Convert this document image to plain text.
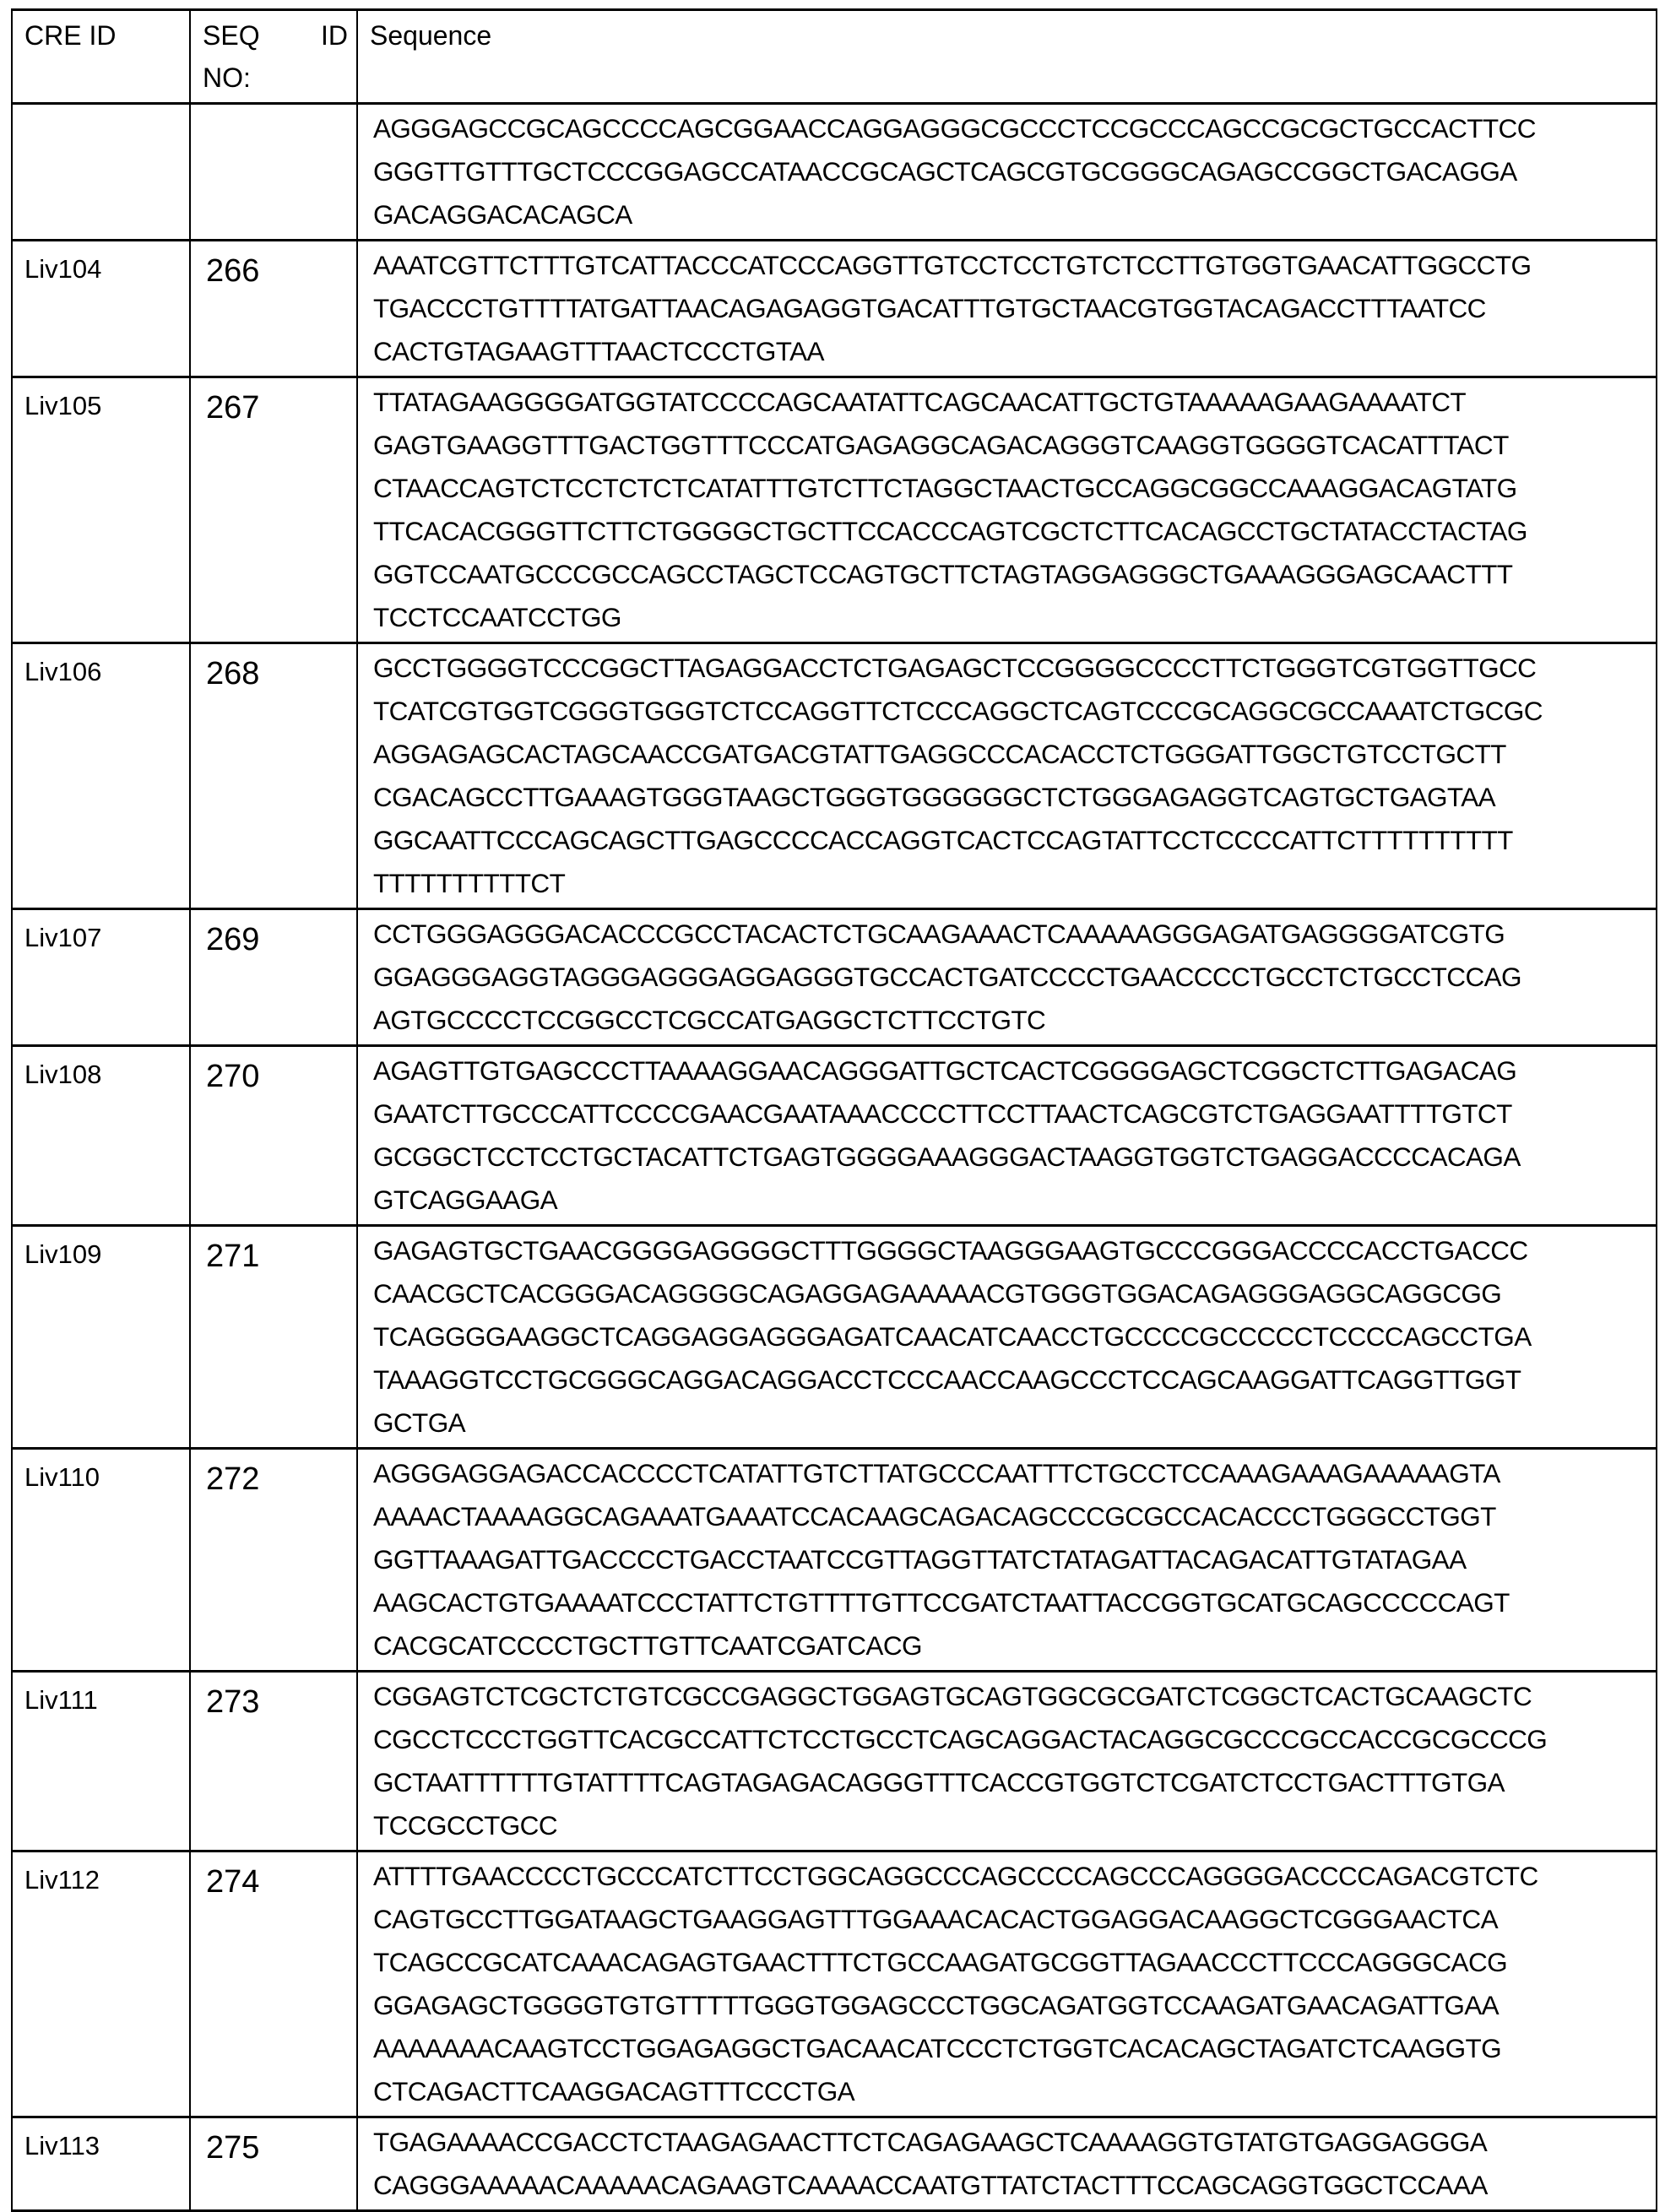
CRE ID	SEQ ID
NO:
	Sequence

AGGGAGCCGCAGCCCCAGCGGAACCAGGAGGGCGCCCTCCGCCCAGCCGCGCTGCCACTTCC
GGGTTGTTTGCTCCCGGAGCCATAACCGCAGCTCAGCGTGCGGGCAGAGCCGGCTGACAGGA
GACAGGACACAGCA

Liv104	266	AAATCGTTCTTTGTCATTACCCATCCCAGGTTGTCCTCCTGTCTCCTTGTGGTGAACATTGGCCTG
TGACCCTGTTTTATGATTAACAGAGAGGTGACATTTGTGCTAACGTGGTACAGACCTTTAATCC
CACTGTAGAAGTTTAACTCCCTGTAA

Liv105	267	TTATAGAAGGGGATGGTATCCCCAGCAATATTCAGCAACATTGCTGTAAAAAGAAGAAAATCT
GAGTGAAGGTTTGACTGGTTTCCCATGAGAGGCAGACAGGGTCAAGGTGGGGTCACATTTACT
CTAACCAGTCTCCTCTCTCATATTTGTCTTCTAGGCTAACTGCCAGGCGGCCAAAGGACAGTATG
TTCACACGGGTTCTTCTGGGGCTGCTTCCACCCAGTCGCTCTTCACAGCCTGCTATACCTACTAG
GGTCCAATGCCCGCCAGCCTAGCTCCAGTGCTTCTAGTAGGAGGGCTGAAAGGGAGCAACTTT
TCCTCCAATCCTGG

Liv106	268	GCCTGGGGTCCCGGCTTAGAGGACCTCTGAGAGCTCCGGGGCCCCTTCTGGGTCGTGGTTGCC
TCATCGTGGTCGGGTGGGTCTCCAGGTTCTCCCAGGCTCAGTCCCGCAGGCGCCAAATCTGCGC
AGGAGAGCACTAGCAACCGATGACGTATTGAGGCCCACACCTCTGGGATTGGCTGTCCTGCTT
CGACAGCCTTGAAAGTGGGTAAGCTGGGTGGGGGGCTCTGGGAGAGGTCAGTGCTGAGTAA
GGCAATTCCCAGCAGCTTGAGCCCCACCAGGTCACTCCAGTATTCCTCCCCATTCTTTTTTTTTT
TTTTTTTTTTCT

Liv107	269	CCTGGGAGGGACACCCGCCTACACTCTGCAAGAAACTCAAAAAGGGAGATGAGGGGATCGTG
GGAGGGAGGTAGGGAGGGAGGAGGGTGCCACTGATCCCCTGAACCCCTGCCTCTGCCTCCAG
AGTGCCCCTCCGGCCTCGCCATGAGGCTCTTCCTGTC

Liv108	270	AGAGTTGTGAGCCCTTAAAAGGAACAGGGATTGCTCACTCGGGGAGCTCGGCTCTTGAGACAG
GAATCTTGCCCATTCCCCGAACGAATAAACCCCTTCCTTAACTCAGCGTCTGAGGAATTTTGTCT
GCGGCTCCTCCTGCTACATTCTGAGTGGGGAAAGGGACTAAGGTGGTCTGAGGACCCCACAGA
GTCAGGAAGA

Liv109	271	GAGAGTGCTGAACGGGGAGGGGCTTTGGGGCTAAGGGAAGTGCCCGGGACCCCACCTGACCC
CAACGCTCACGGGACAGGGGCAGAGGAGAAAAACGTGGGTGGACAGAGGGAGGCAGGCGG
TCAGGGGAAGGCTCAGGAGGAGGGAGATCAACATCAACCTGCCCCGCCCCCTCCCCAGCCTGA
TAAAGGTCCTGCGGGCAGGACAGGACCTCCCAACCAAGCCCTCCAGCAAGGATTCAGGTTGGT
GCTGA

Liv110	272	AGGGAGGAGACCACCCCTCATATTGTCTTATGCCCAATTTCTGCCTCCAAAGAAAGAAAAAGTA
AAAACTAAAAGGCAGAAATGAAATCCACAAGCAGACAGCCCGCGCCACACCCTGGGCCTGGT
GGTTAAAGATTGACCCCTGACCTAATCCGTTAGGTTATCTATAGATTACAGACATTGTATAGAA
AAGCACTGTGAAAATCCCTATTCTGTTTTGTTCCGATCTAATTACCGGTGCATGCAGCCCCCAGT
CACGCATCCCCTGCTTGTTCAATCGATCACG

Liv111	273	CGGAGTCTCGCTCTGTCGCCGAGGCTGGAGTGCAGTGGCGCGATCTCGGCTCACTGCAAGCTC
CGCCTCCCTGGTTCACGCCATTCTCCTGCCTCAGCAGGACTACAGGCGCCCGCCACCGCGCCCG
GCTAATTTTTTGTATTTTCAGTAGAGACAGGGTTTCACCGTGGTCTCGATCTCCTGACTTTGTGA
TCCGCCTGCC

Liv112	274	ATTTTGAACCCCTGCCCATCTTCCTGGCAGGCCCAGCCCCAGCCCAGGGGACCCCAGACGTCTC
CAGTGCCTTGGATAAGCTGAAGGAGTTTGGAAACACACTGGAGGACAAGGCTCGGGAACTCA
TCAGCCGCATCAAACAGAGTGAACTTTCTGCCAAGATGCGGTTAGAACCCTTCCCAGGGCACG
GGAGAGCTGGGGTGTGTTTTTGGGTGGAGCCCTGGCAGATGGTCCAAGATGAACAGATTGAA
AAAAAAACAAGTCCTGGAGAGGCTGACAACATCCCTCTGGTCACACAGCTAGATCTCAAGGTG
CTCAGACTTCAAGGACAGTTTCCCTGA

Liv113	275	TGAGAAAACCGACCTCTAAGAGAACTTCTCAGAGAAGCTCAAAAGGTGTATGTGAGGAGGGA
CAGGGAAAAACAAAAACAGAAGTCAAAACCAATGTTATCTACTTTCCAGCAGGTGGCTCCAAA
